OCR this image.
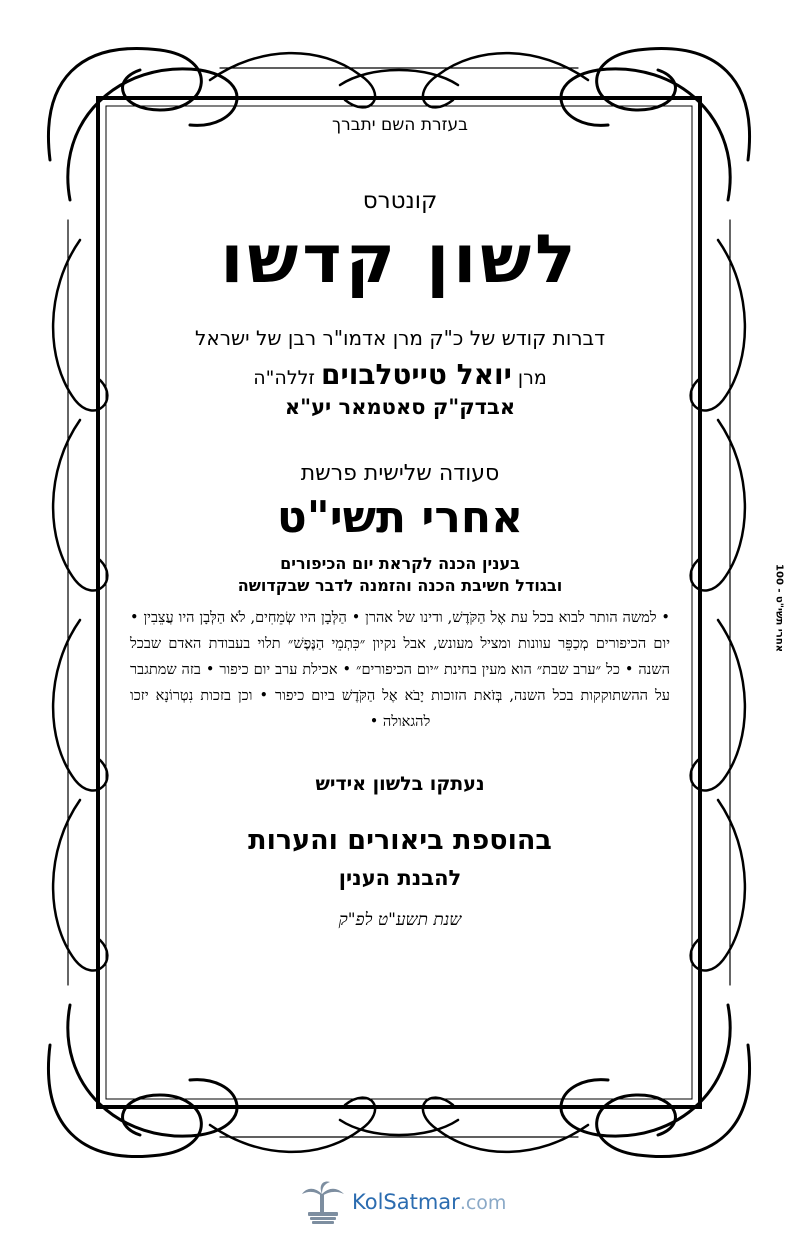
בעזרת השם יתברך
קונטרס
לשון קדשו
דברות קודש של כ"ק מרן אדמו"ר רבן של ישראל
מרן יואל טייטלבוים זללה"ה
אבדק"ק סאטמאר יע"א
סעודה שלישית פרשת
אחרי תשי"ט
בענין הכנה לקראת יום הכיפורים
ובגודל חשיבת הכנה והזמנה לדבר שבקדושה
• למשה הותר לבוא בכל עת אֶל הַקֹּדֶשׁ, ודינו של אהרן • הַלְּבָן היו שְׂמֵחִים, לֹא הַלְּבָן היו עֲצֵבִין • יום הכיפורים מְכַפֵּר עוונות ומציל מעונש, אבל נקיון ״כִּתְמֵי הַנֶּפֶשׁ״ תלוי בעבודת האדם שבכל השנה • כל ״ערב שבת״ הוא מעין בחינת ״יום הכיפורים״ • אכילת ערב יום כיפור • בזה שמתגבר על ההשתוקקות בכל השנה, בְּזֹאת הזוכות יָבֹא אֶל הַקֹּדֶשׁ ביום כיפור • וכן בזכות נִטְרוֹנָא יזכו להגאולה •
נעתקו בלשון אידיש
בהוספת ביאורים והערות
להבנת הענין
שנת תשע"ט לפ"ק
אחרי תשי"ט - 100
KolSatmar.com
